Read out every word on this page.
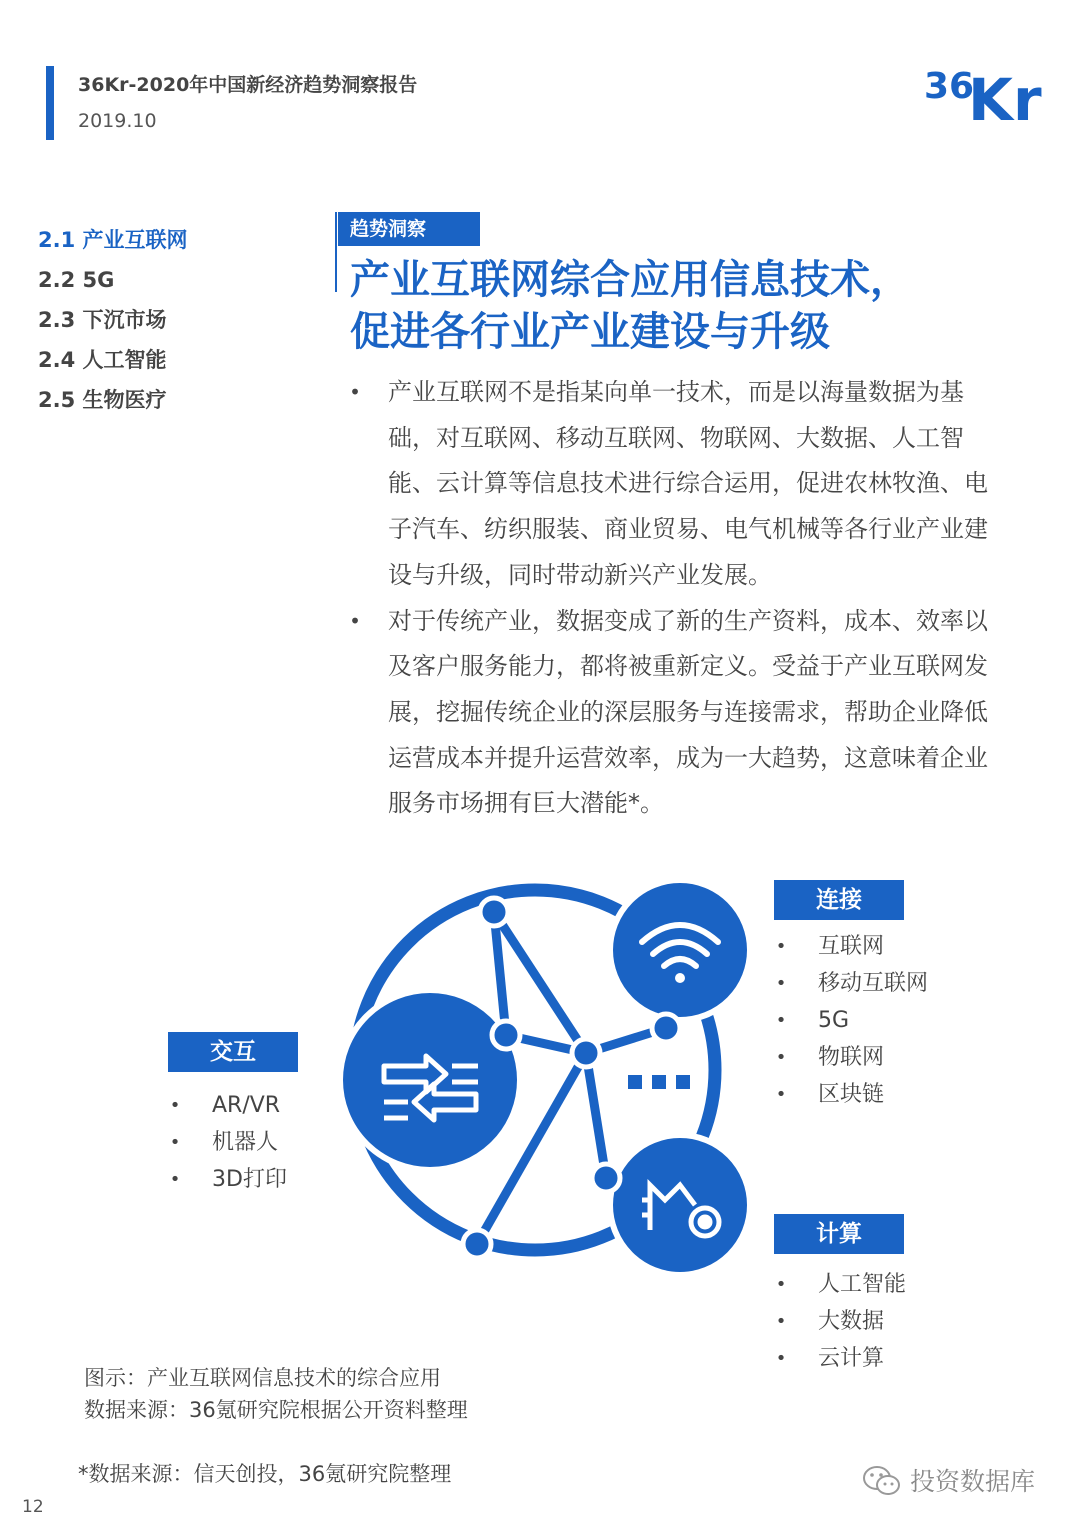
36Kr-2020年中国新经济趋势洞察报告
2019.10
36
Kr
2.1 产业互联网
2.2 5G
2.3 下沉市场
2.4 人工智能
2.5 生物医疗
趋势洞察
产业互联网综合应用信息技术，
促进各行业产业建设与升级
• 产业互联网不是指某向单一技术，而是以海量数据为基础，对互联网、移动互联网、物联网、大数据、人工智能、云计算等信息技术进行综合运用，促进农林牧渔、电子汽车、纺织服装、商业贸易、电气机械等各行业产业建设与升级，同时带动新兴产业发展。
• 对于传统产业，数据变成了新的生产资料，成本、效率以及客户服务能力，都将被重新定义。受益于产业互联网发展，挖掘传统企业的深层服务与连接需求，帮助企业降低运营成本并提升运营效率，成为一大趋势，这意味着企业服务市场拥有巨大潜能*。
连接
• 互联网
• 移动互联网
• 5G
• 物联网
• 区块链
交互
• AR/VR
• 机器人
• 3D打印
计算
• 人工智能
• 大数据
• 云计算
图示：产业互联网信息技术的综合应用
数据来源：36氪研究院根据公开资料整理
*数据来源：信天创投，36氪研究院整理
12
投资数据库
